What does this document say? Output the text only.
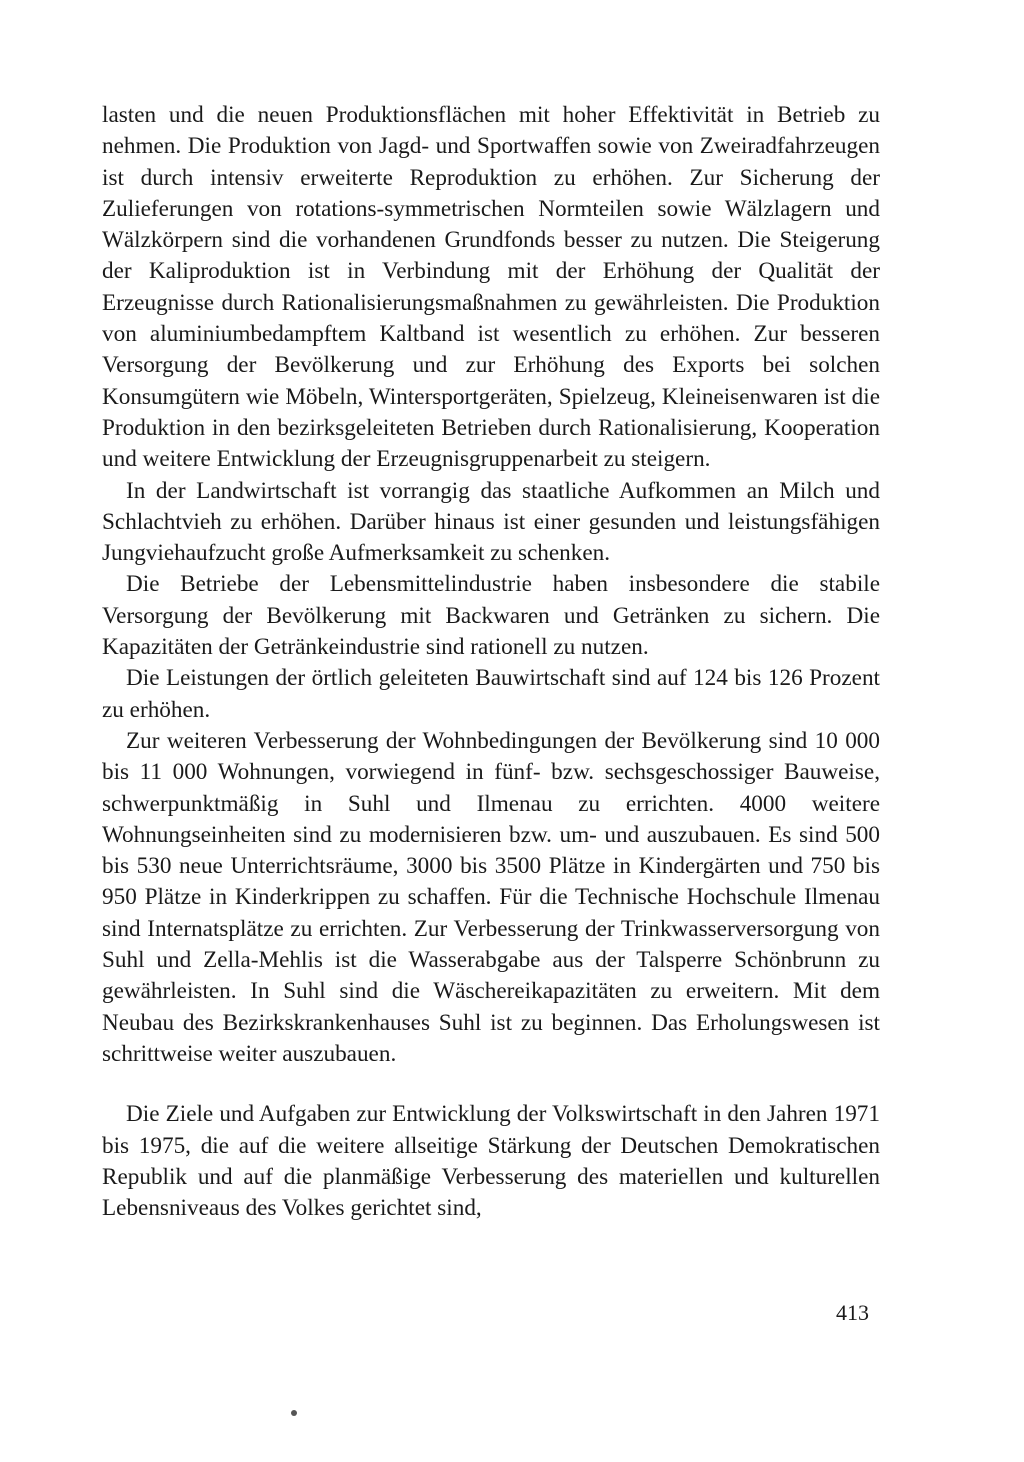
lasten und die neuen Produktionsflächen mit hoher Effektivität in Betrieb zu nehmen. Die Produktion von Jagd- und Sportwaffen sowie von Zweiradfahrzeugen ist durch intensiv erweiterte Reproduktion zu erhöhen. Zur Sicherung der Zulieferungen von rotations-symmetrischen Normteilen sowie Wälzlagern und Wälzkörpern sind die vorhandenen Grundfonds besser zu nutzen. Die Steigerung der Kaliproduktion ist in Verbindung mit der Erhöhung der Qualität der Erzeugnisse durch Rationalisierungsmaßnahmen zu gewährleisten. Die Produktion von aluminiumbedampftem Kaltband ist wesentlich zu erhöhen. Zur besseren Versorgung der Bevölkerung und zur Erhöhung des Exports bei solchen Konsumgütern wie Möbeln, Wintersportgeräten, Spielzeug, Kleineisenwaren ist die Produktion in den bezirksgeleiteten Betrieben durch Rationalisierung, Kooperation und weitere Entwicklung der Erzeugnisgruppenarbeit zu steigern.

In der Landwirtschaft ist vorrangig das staatliche Aufkommen an Milch und Schlachtvieh zu erhöhen. Darüber hinaus ist einer gesunden und leistungsfähigen Jungviehaufzucht große Aufmerksamkeit zu schenken.

Die Betriebe der Lebensmittelindustrie haben insbesondere die stabile Versorgung der Bevölkerung mit Backwaren und Getränken zu sichern. Die Kapazitäten der Getränkeindustrie sind rationell zu nutzen.

Die Leistungen der örtlich geleiteten Bauwirtschaft sind auf 124 bis 126 Prozent zu erhöhen.

Zur weiteren Verbesserung der Wohnbedingungen der Bevölkerung sind 10 000 bis 11 000 Wohnungen, vorwiegend in fünf- bzw. sechsgeschossiger Bauweise, schwerpunktmäßig in Suhl und Ilmenau zu errichten. 4000 weitere Wohnungseinheiten sind zu modernisieren bzw. um- und auszubauen. Es sind 500 bis 530 neue Unterrichtsräume, 3000 bis 3500 Plätze in Kindergärten und 750 bis 950 Plätze in Kinderkrippen zu schaffen. Für die Technische Hochschule Ilmenau sind Internatsplätze zu errichten. Zur Verbesserung der Trinkwasserversorgung von Suhl und Zella-Mehlis ist die Wasserabgabe aus der Talsperre Schönbrunn zu gewährleisten. In Suhl sind die Wäschereikapazitäten zu erweitern. Mit dem Neubau des Bezirkskrankenhauses Suhl ist zu beginnen. Das Erholungswesen ist schrittweise weiter auszubauen.

Die Ziele und Aufgaben zur Entwicklung der Volkswirtschaft in den Jahren 1971 bis 1975, die auf die weitere allseitige Stärkung der Deutschen Demokratischen Republik und auf die planmäßige Verbesserung des materiellen und kulturellen Lebensniveaus des Volkes gerichtet sind,

413
